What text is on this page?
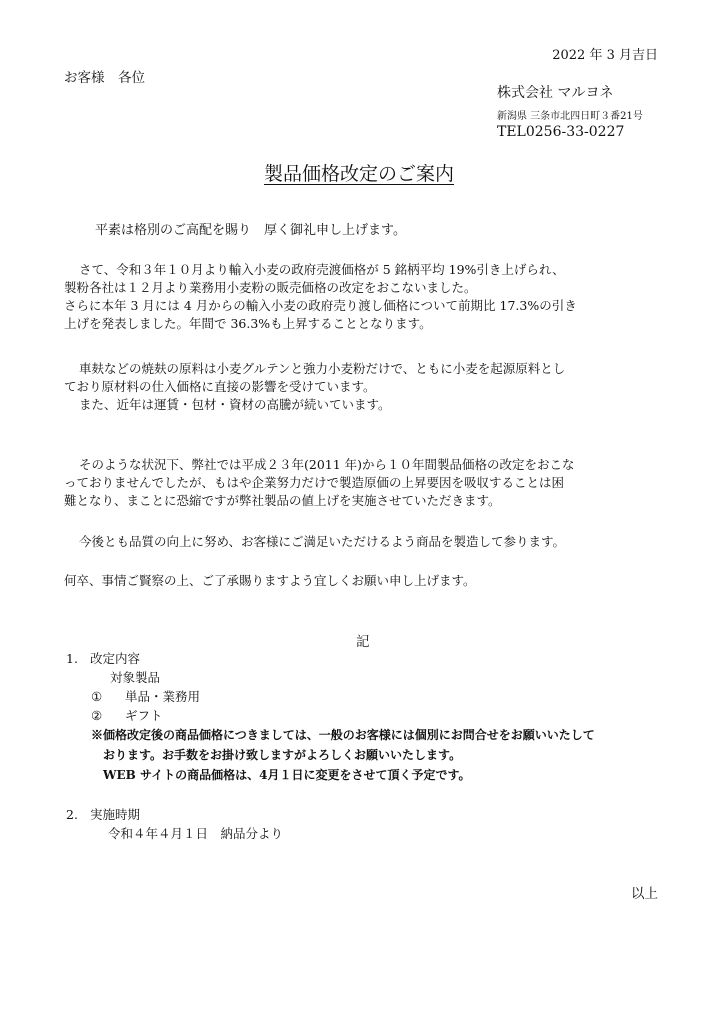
2022 年 3 月吉日
お客様　各位
株式会社 マルヨネ
新潟県 三条市北四日町３番21号
TEL0256-33-0227
製品価格改定のご案内
平素は格別のご高配を賜り　厚く御礼申し上げます。
さて、令和３年１０月より輸入小麦の政府売渡価格が 5 銘柄平均 19%引き上げられ、
製粉各社は１２月より業務用小麦粉の販売価格の改定をおこないました。
さらに本年 3 月には 4 月からの輸入小麦の政府売り渡し価格について前期比 17.3%の引き
上げを発表しました。年間で 36.3%も上昇することとなります。
車麸などの焼麸の原料は小麦グルテンと強力小麦粉だけで、ともに小麦を起源原料とし
ており原材料の仕入価格に直接の影響を受けています。
また、近年は運賃・包材・資材の高騰が続いています。
そのような状況下、弊社では平成２３年(2011 年)から１０年間製品価格の改定をおこな
っておりませんでしたが、もはや企業努力だけで製造原価の上昇要因を吸収することは困
難となり、まことに恐縮ですが弊社製品の値上げを実施させていただきます。
今後とも品質の向上に努め、お客様にご満足いただけるよう商品を製造して参ります。
何卒、事情ご賢察の上、ご了承賜りますよう宜しくお願い申し上げます。
記
1. 改定内容
対象製品
① 単品・業務用
② ギフト
※価格改定後の商品価格につきましては、一般のお客様には個別にお問合せをお願いいたして
おります。お手数をお掛け致しますがよろしくお願いいたします。
WEB サイトの商品価格は、4月１日に変更をさせて頂く予定です。
2. 実施時期
令和４年４月１日　納品分より
以上
